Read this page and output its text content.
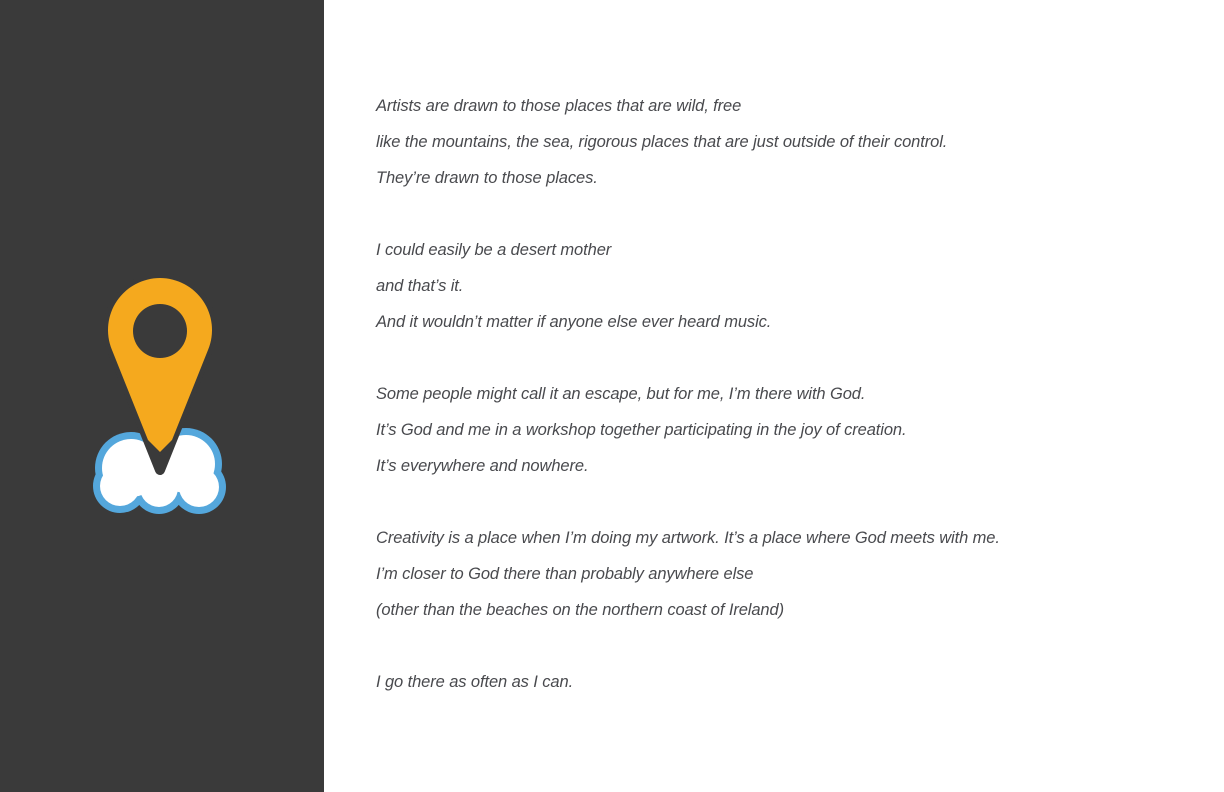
Artists are drawn to those places that are wild, free
like the mountains, the sea, rigorous places that are just outside of their control.
They’re drawn to those places.

I could easily be a desert mother
and that’s it.
And it wouldn’t matter if anyone else ever heard music.

Some people might call it an escape, but for me, I’m there with God.
It’s God and me in a workshop together participating in the joy of creation.
It’s everywhere and nowhere.

Creativity is a place when I’m doing my artwork. It’s a place where God meets with me.
I’m closer to God there than probably anywhere else
(other than the beaches on the northern coast of Ireland)

I go there as often as I can.
